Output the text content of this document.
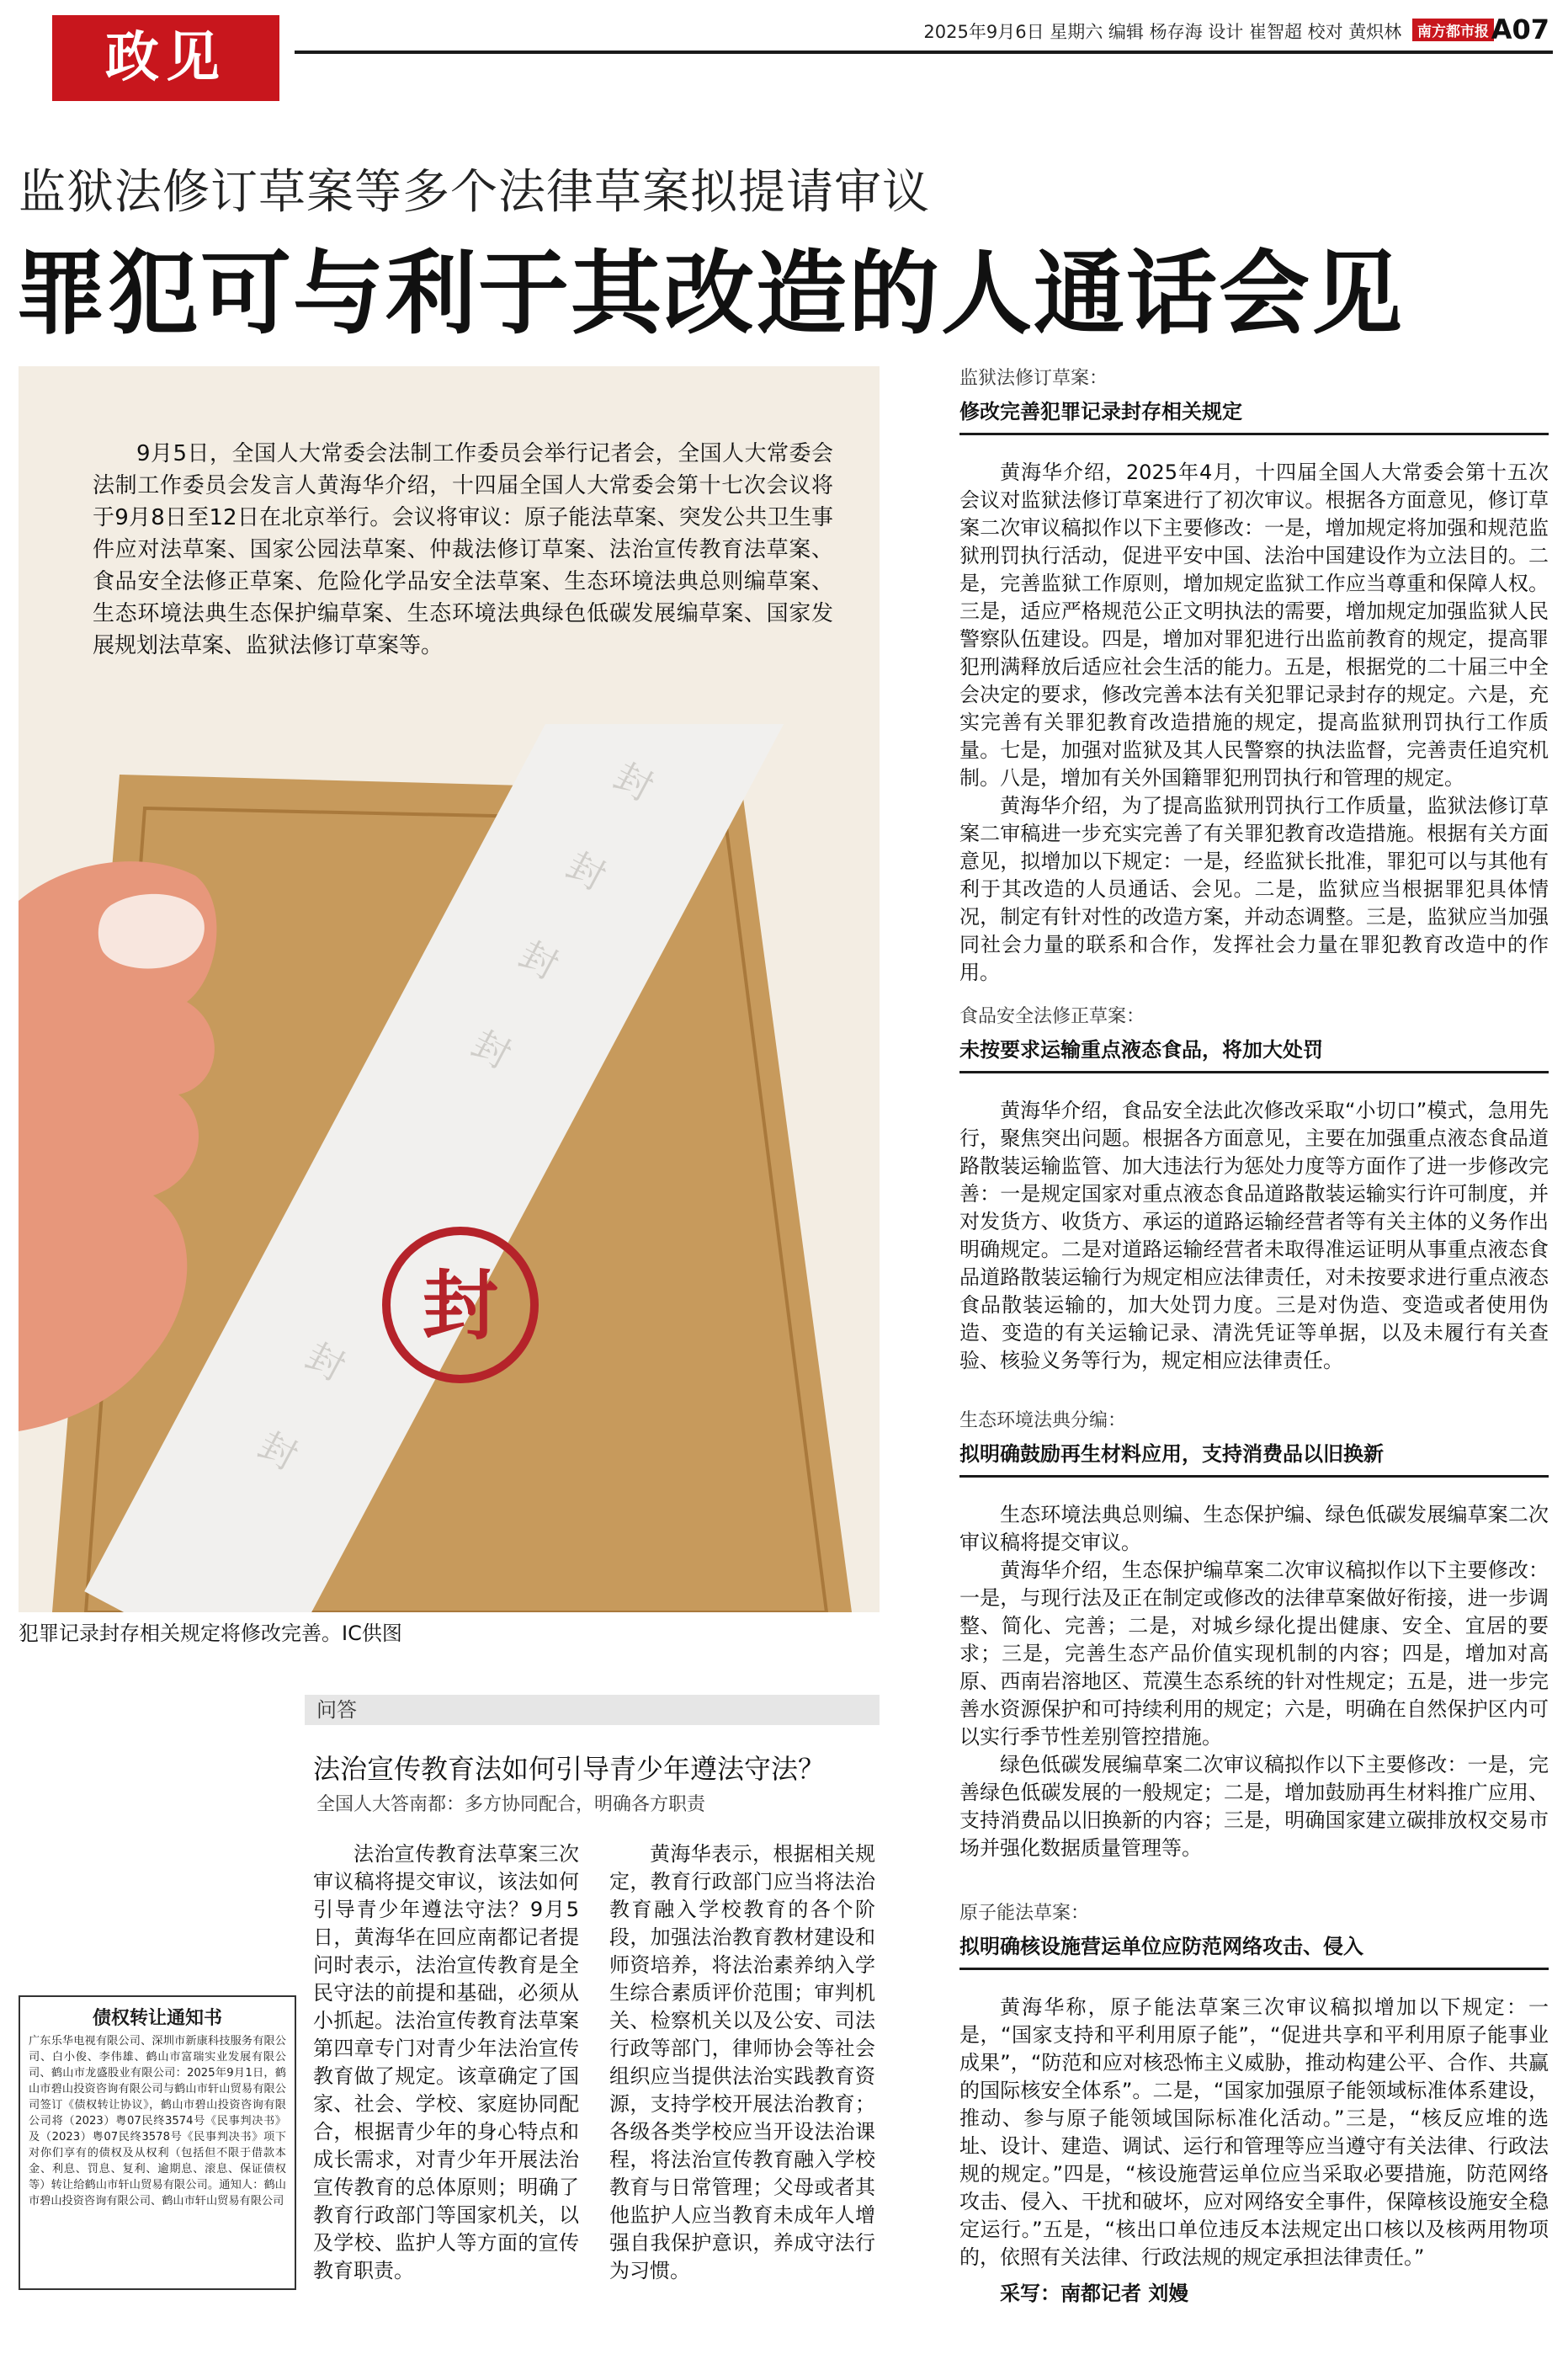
政见	2025年9月6日 星期六 编辑 杨存海 设计 崔智超 校对 黄炽林 南方都市报 A07
监狱法修订草案等多个法律草案拟提请审议
罪犯可与利于其改造的人通话会见

9月5日，全国人大常委会法制工作委员会举行记者会，全国人大常委会法制工作委员会发言人黄海华介绍，十四届全国人大常委会第十七次会议将于9月8日至12日在北京举行。会议将审议：原子能法草案、突发公共卫生事件应对法草案、国家公园法草案、仲裁法修订草案、法治宣传教育法草案、食品安全法修正草案、危险化学品安全法草案、生态环境法典总则编草案、生态环境法典生态保护编草案、生态环境法典绿色低碳发展编草案、国家发展规划法草案、监狱法修订草案等。

封
封
封
封
封
封
封
犯罪记录封存相关规定将修改完善。IC供图
监狱法修订草案：
修改完善犯罪记录封存相关规定

黄海华介绍，2025年4月，十四届全国人大常委会第十五次会议对监狱法修订草案进行了初次审议。根据各方面意见，修订草案二次审议稿拟作以下主要修改：一是，增加规定将加强和规范监狱刑罚执行活动，促进平安中国、法治中国建设作为立法目的。二是，完善监狱工作原则，增加规定监狱工作应当尊重和保障人权。三是，适应严格规范公正文明执法的需要，增加规定加强监狱人民警察队伍建设。四是，增加对罪犯进行出监前教育的规定，提高罪犯刑满释放后适应社会生活的能力。五是，根据党的二十届三中全会决定的要求，修改完善本法有关犯罪记录封存的规定。六是，充实完善有关罪犯教育改造措施的规定，提高监狱刑罚执行工作质量。七是，加强对监狱及其人民警察的执法监督，完善责任追究机制。八是，增加有关外国籍罪犯刑罚执行和管理的规定。

黄海华介绍，为了提高监狱刑罚执行工作质量，监狱法修订草案二审稿进一步充实完善了有关罪犯教育改造措施。根据有关方面意见，拟增加以下规定：一是，经监狱长批准，罪犯可以与其他有利于其改造的人员通话、会见。二是，监狱应当根据罪犯具体情况，制定有针对性的改造方案，并动态调整。三是，监狱应当加强同社会力量的联系和合作，发挥社会力量在罪犯教育改造中的作用。

食品安全法修正草案：
未按要求运输重点液态食品，将加大处罚

黄海华介绍，食品安全法此次修改采取“小切口”模式，急用先行，聚焦突出问题。根据各方面意见，主要在加强重点液态食品道路散装运输监管、加大违法行为惩处力度等方面作了进一步修改完善：一是规定国家对重点液态食品道路散装运输实行许可制度，并对发货方、收货方、承运的道路运输经营者等有关主体的义务作出明确规定。二是对道路运输经营者未取得准运证明从事重点液态食品道路散装运输行为规定相应法律责任，对未按要求进行重点液态食品散装运输的，加大处罚力度。三是对伪造、变造或者使用伪造、变造的有关运输记录、清洗凭证等单据，以及未履行有关查验、核验义务等行为，规定相应法律责任。

生态环境法典分编：
拟明确鼓励再生材料应用，支持消费品以旧换新

生态环境法典总则编、生态保护编、绿色低碳发展编草案二次审议稿将提交审议。

黄海华介绍，生态保护编草案二次审议稿拟作以下主要修改：一是，与现行法及正在制定或修改的法律草案做好衔接，进一步调整、简化、完善；二是，对城乡绿化提出健康、安全、宜居的要求；三是，完善生态产品价值实现机制的内容；四是，增加对高原、西南岩溶地区、荒漠生态系统的针对性规定；五是，进一步完善水资源保护和可持续利用的规定；六是，明确在自然保护区内可以实行季节性差别管控措施。

绿色低碳发展编草案二次审议稿拟作以下主要修改：一是，完善绿色低碳发展的一般规定；二是，增加鼓励再生材料推广应用、支持消费品以旧换新的内容；三是，明确国家建立碳排放权交易市场并强化数据质量管理等。

原子能法草案：
拟明确核设施营运单位应防范网络攻击、侵入

黄海华称，原子能法草案三次审议稿拟增加以下规定：一是，“国家支持和平利用原子能”，“促进共享和平利用原子能事业成果”，“防范和应对核恐怖主义威胁，推动构建公平、合作、共赢的国际核安全体系”。二是，“国家加强原子能领域标准体系建设，推动、参与原子能领域国际标准化活动。”三是，“核反应堆的选址、设计、建造、调试、运行和管理等应当遵守有关法律、行政法规的规定。”四是，“核设施营运单位应当采取必要措施，防范网络攻击、侵入、干扰和破坏，应对网络安全事件，保障核设施安全稳定运行。”五是，“核出口单位违反本法规定出口核以及核两用物项的，依照有关法律、行政法规的规定承担法律责任。”

采写：南都记者 刘嫚

问答
法治宣传教育法如何引导青少年遵法守法？
全国人大答南都：多方协同配合，明确各方职责

法治宣传教育法草案三次审议稿将提交审议，该法如何引导青少年遵法守法？9月5日，黄海华在回应南都记者提问时表示，法治宣传教育是全民守法的前提和基础，必须从小抓起。法治宣传教育法草案第四章专门对青少年法治宣传教育做了规定。该章确定了国家、社会、学校、家庭协同配合，根据青少年的身心特点和成长需求，对青少年开展法治宣传教育的总体原则；明确了教育行政部门等国家机关，以及学校、监护人等方面的宣传教育职责。

黄海华表示，根据相关规定，教育行政部门应当将法治教育融入学校教育的各个阶段，加强法治教育教材建设和师资培养，将法治素养纳入学生综合素质评价范围；审判机关、检察机关以及公安、司法行政等部门，律师协会等社会组织应当提供法治实践教育资源，支持学校开展法治教育；各级各类学校应当开设法治课程，将法治宣传教育融入学校教育与日常管理；父母或者其他监护人应当教育未成年人增强自我保护意识，养成守法行为习惯。

债权转让通知书

广东乐华电视有限公司、深圳市新康科技服务有限公司、白小俊、李伟雄、鹤山市富瑞实业发展有限公司、鹤山市龙盛股业有限公司：2025年9月1日，鹤山市碧山投资咨询有限公司与鹤山市轩山贸易有限公司签订《债权转让协议》，鹤山市碧山投资咨询有限公司将（2023）粤07民终3574号《民事判决书》及（2023）粤07民终3578号《民事判决书》项下对你们享有的债权及从权利（包括但不限于借款本金、利息、罚息、复利、逾期息、滚息、保证债权等）转让给鹤山市轩山贸易有限公司。通知人：鹤山市碧山投资咨询有限公司、鹤山市轩山贸易有限公司
